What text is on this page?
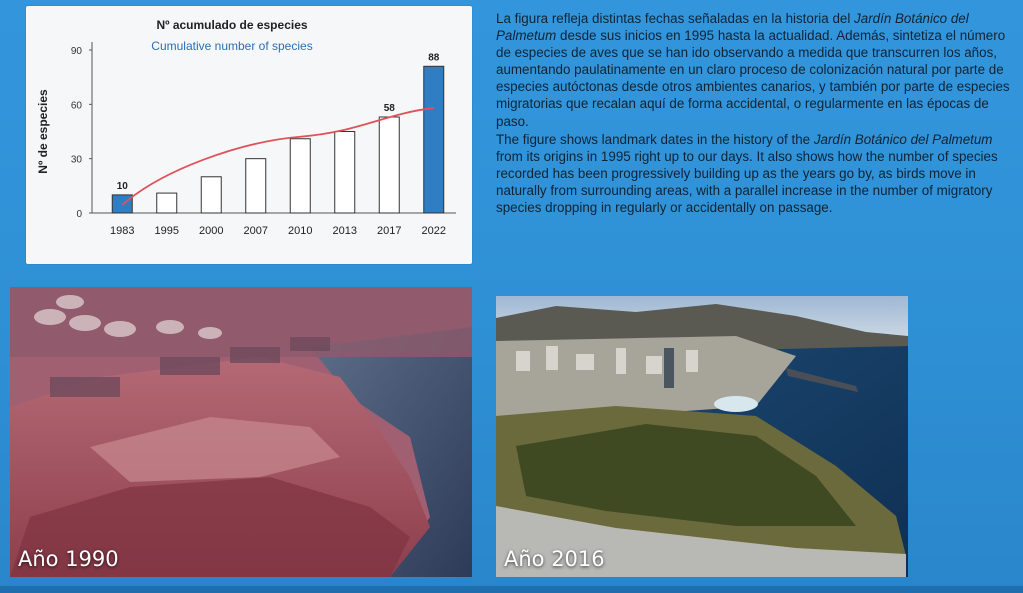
0
30
60
90
Nº de especies
1983
10
1995 2000 2007 2010 2013 2017
58
2022
88
Nº acumulado de especies
Cumulative number of species

La figura refleja distintas fechas señaladas en la historia del Jardín Botánico del Palmetum desde sus inicios en 1995 hasta la actualidad. Además, sintetiza el número de especies de aves que se han ido observando a medida que transcurren los años, aumentando paulatinamente en un claro proceso de colonización natural por parte de especies autóctonas desde otros ambientes canarios, y también por parte de especies migratorias que recalan aquí de forma accidental, o regularmente en las épocas de paso.

The figure shows landmark dates in the history of the Jardín Botánico del Palmetum from its origins in 1995 right up to our days. It also shows how the number of species recorded has been progressively building up as the years go by, as birds move in naturally from surrounding areas, with a parallel increase in the number of migratory species dropping in regularly or accidentally on passage.

Año 1990	Año 2016
